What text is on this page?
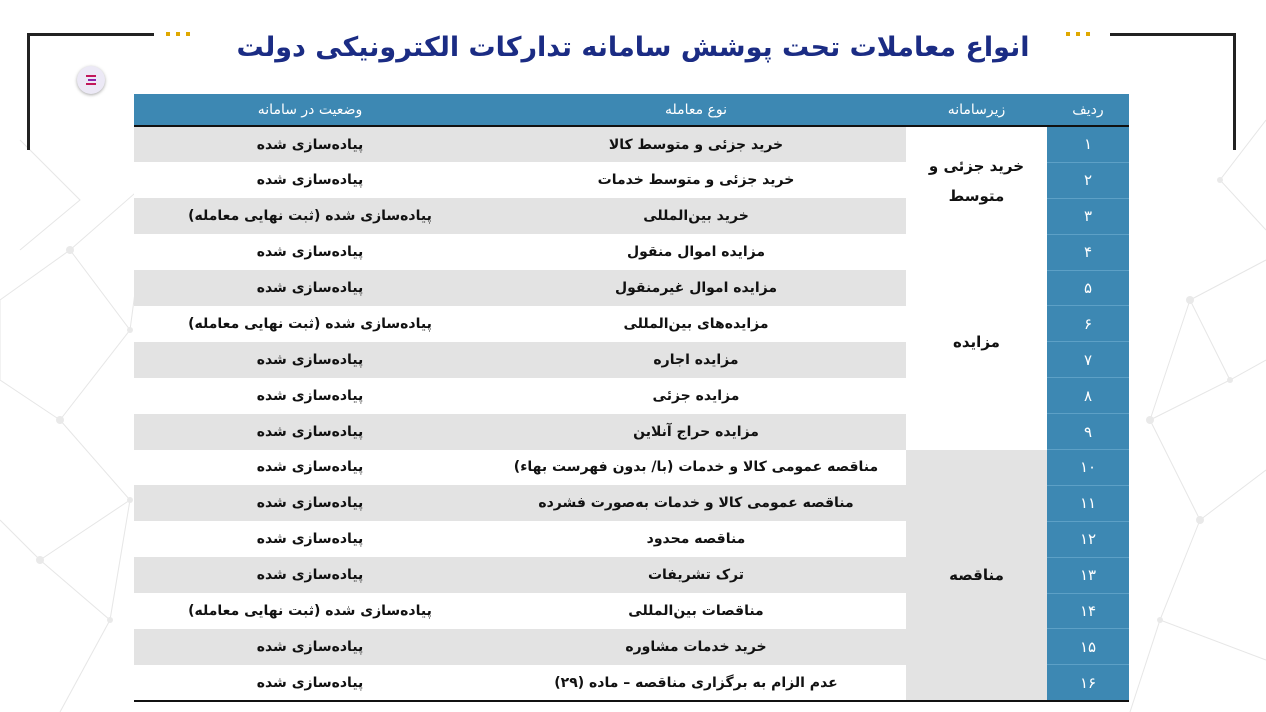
انواع معاملات تحت پوشش سامانه تدارکات الکترونیکی دولت
ردیف	زیرسامانه	نوع معامله	وضعیت در سامانه
۱	خرید جزئی و متوسط	خرید جزئی و متوسط کالا	پیاده‌سازی شده
۲		خرید جزئی و متوسط خدمات	پیاده‌سازی شده
۳		خرید بین‌المللی	پیاده‌سازی شده (ثبت نهایی معامله)
۴	مزایده	مزایده اموال منقول	پیاده‌سازی شده
۵		مزایده اموال غیرمنقول	پیاده‌سازی شده
۶		مزایده‌های بین‌المللی	پیاده‌سازی شده (ثبت نهایی معامله)
۷		مزایده اجاره	پیاده‌سازی شده
۸		مزایده جزئی	پیاده‌سازی شده
۹		مزایده حراج آنلاین	پیاده‌سازی شده
۱۰	مناقصه	مناقصه عمومی کالا و خدمات (با/ بدون فهرست بهاء)	پیاده‌سازی شده
۱۱		مناقصه عمومی کالا و خدمات به‌صورت فشرده	پیاده‌سازی شده
۱۲		مناقصه محدود	پیاده‌سازی شده
۱۳		ترک تشریفات	پیاده‌سازی شده
۱۴		مناقصات بین‌المللی	پیاده‌سازی شده (ثبت نهایی معامله)
۱۵		خرید خدمات مشاوره	پیاده‌سازی شده
۱۶		عدم الزام به برگزاری مناقصه – ماده (۲۹)	پیاده‌سازی شده
